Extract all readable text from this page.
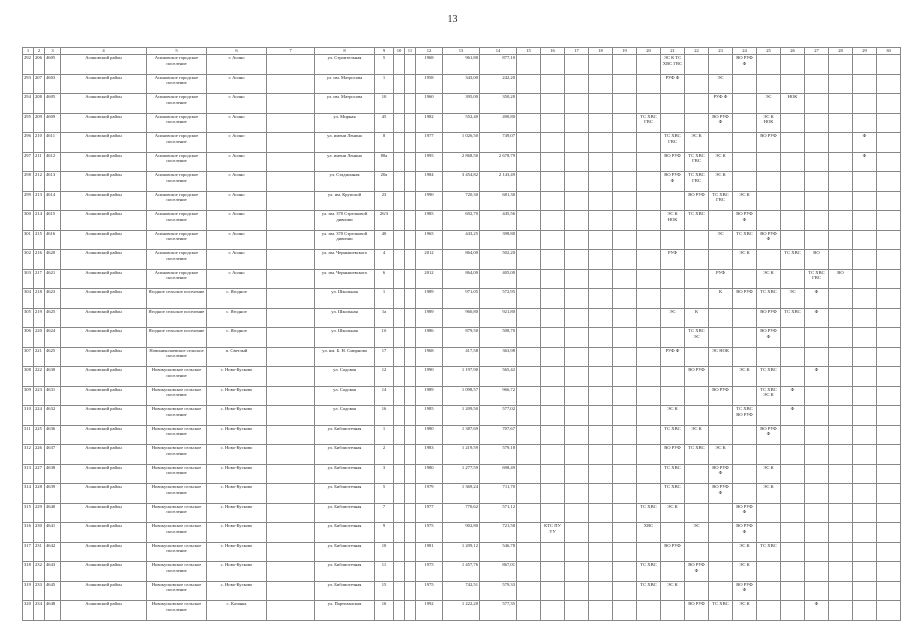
13
1	2	3	4	5	6	7	8	9	10	11	12	13	14	15	16	17	18	19	20	21	22	23	24	25	26	27	28	29	30
292	206	4605	Асиновский район	Асиновское городское поселение	г. Асино		ул. Строительная	5			1968	961,80	877,10							ЭС К ТС ХВС ГВС			ВО РУФ Ф						
293	207	4603	Асиновский район	Асиновское городское поселение	г. Асино		ул. им. Матросова	1			1958	343,00	242,20							РУФ Ф		ЭС							
294	208	4605	Асиновский район	Асиновское городское поселение	г. Асино		ул. им. Матросова	10			1960	395,00	350,20									РУФ Ф		ЭС	НОК				
295	209	4609	Асиновский район	Асиновское городское поселение	г. Асино		ул. Мирная	45			1982	552,40	490,80						ТС ХВС ГВС			ВО РУФ Ф		ЭС К НОК					
296	210	4611	Асиновский район	Асиновское городское поселение	г. Асино		ул. имени Ленина	8			1977	1 026,50	749,07							ТС ХВС ГВС	ЭС К			ВО РУФ				Ф	
297	211	4612	Асиновский район	Асиновское городское поселение	г. Асино		ул. имени Ленина	88а			1995	2 868,50	2 678,79							ВО РУФ	ТС ХВС ГВС	ЭС К						Ф	
298	212	4613	Асиновский район	Асиновское городское поселение	г. Асино		ул. Стадионная	20а			1984	3 454,82	2 143,49							ВО РУФ Ф	ТС ХВС ГВС	ЭС К							
299	213	4614	Асиновский район	Асиновское городское поселение	г. Асино		ул. им. Крупской	23			1990	720,30	681,30								ВО РУФ	ТС ХВС ГВС	ЭС К						
300	214	4615	Асиновский район	Асиновское городское поселение	г. Асино		ул. им. 370 Стрелковой дивизии	26/3			1985	692,70	445,56							ЭС К НОК	ТС ХВС		ВО РУФ Ф						
301	215	4616	Асиновский район	Асиновское городское поселение	г. Асино		ул. им. 370 Стрелковой дивизии	40			1965	443,25	398,80									ЭС	ТС ХВС	ВО РУФ Ф					
302	216	4620	Асиновский район	Асиновское городское поселение	г. Асино		ул. им. Чернышевского	4			2012	864,00	502,20							РУФ			ЭС К		ТС ХВС	ВО			
303	217	4621	Асиновский район	Асиновское городское поселение	г. Асино		ул. им. Чернышевского	6			2012	864,00	405,00									РУФ		ЭС К		ТС ХВС ГВС	ВО		
304	218	4623	Асиновский район	Ягодное сельское поселение	с. Ягодное		ул. Школьная	1			1989	971,05	572,95									К	ВО РУФ	ТС ХВС	ЭС	Ф			
305	219	4625	Асиновский район	Ягодное сельское поселение	с. Ягодное		ул. Школьная	1а			1989	960,80	921,80							ЭС	К			ВО РУФ	ТС ХВС	Ф			
306	220	4624	Асиновский район	Ягодное сельское поселение	с. Ягодное		ул. Школьная	1б			1986	879,50	508,70								ТС ХВС ЭС			ВО РУФ Ф					
307	221	4625	Асиновский район	Новониколаевское сельское поселение	п. Светлый		ул. им. Б. Н. Смирнова	17			1968	417,58	363,98							РУФ Ф		ЭС НОК							
308	222	4630	Асиновский район	Новокусковское сельское поселение	с. Ново-Кусково		ул. Садовая	12			1990	1 197,90	565,42								ВО РУФ		ЭС К	ТС ХВС		Ф			
309	223	4631	Асиновский район	Новокусковское сельское поселение	с. Ново-Кусково		ул. Садовая	14			1989	1 098,57	966,72									ВО РУФ		ТС ХВС ЭС К	Ф				
310	224	4632	Асиновский район	Новокусковское сельское поселение	с. Ново-Кусково		ул. Садовая	16			1985	1 209,50	577,02							ЭС К			ТС ХВС ВО РУФ		Ф				
311	225	4636	Асиновский район	Новокусковское сельское поселение	с. Ново-Кусково		ул. Библиотечная	1			1980	1 387,69	707,67							ТС ХВС	ЭС К			ВО РУФ Ф					
312	226	4637	Асиновский район	Новокусковское сельское поселение	с. Ново-Кусково		ул. Библиотечная	2			1983	1 219,59	579,18							ВО РУФ	ТС ХВС	ЭС К							
313	227	4638	Асиновский район	Новокусковское сельское поселение	с. Ново-Кусково		ул. Библиотечная	3			1980	1 277,59	698,49							ТС ХВС		ВО РУФ Ф		ЭС К					
314	228	4639	Асиновский район	Новокусковское сельское поселение	с. Ново-Кусково		ул. Библиотечная	5			1979	1 369,24	711,70							ТС ХВС		ВО РУФ Ф		ЭС К					
315	229	4640	Асиновский район	Новокусковское сельское поселение	с. Ново-Кусково		ул. Библиотечная	7			1977	770,62	571,12						ТС ХВС	ЭС К			ВО РУФ Ф						
316	230	4641	Асиновский район	Новокусковское сельское поселение	с. Ново-Кусково		ул. Библиотечная	9			1975	902,80	721,58		КТС ПУ УУ				ХВС		ЭС		ВО РУФ Ф						
317	231	4642	Асиновский район	Новокусковское сельское поселение	с. Ново-Кусково		ул. Библиотечная	10			1981	1 209,12	546,78							ВО РУФ			ЭС К	ТС ХВС					
318	232	4643	Асиновский район	Новокусковское сельское поселение	с. Ново-Кусково		ул. Библиотечная	11			1975	1 457,76	867,01						ТС ХВС		ВО РУФ Ф		ЭС К						
319	233	4645	Асиновский район	Новокусковское сельское поселение	с. Ново-Кусково		ул. Библиотечная	15			1975	742,51	579,33						ТС ХВС	ЭС К			ВО РУФ Ф						
320	234	4648	Асиновский район	Новокусковское сельское поселение	с. Казанка		ул. Партизанская	16			1992	1 222,20	577,35								ВО РУФ	ТС ХВС	ЭС К			Ф			
